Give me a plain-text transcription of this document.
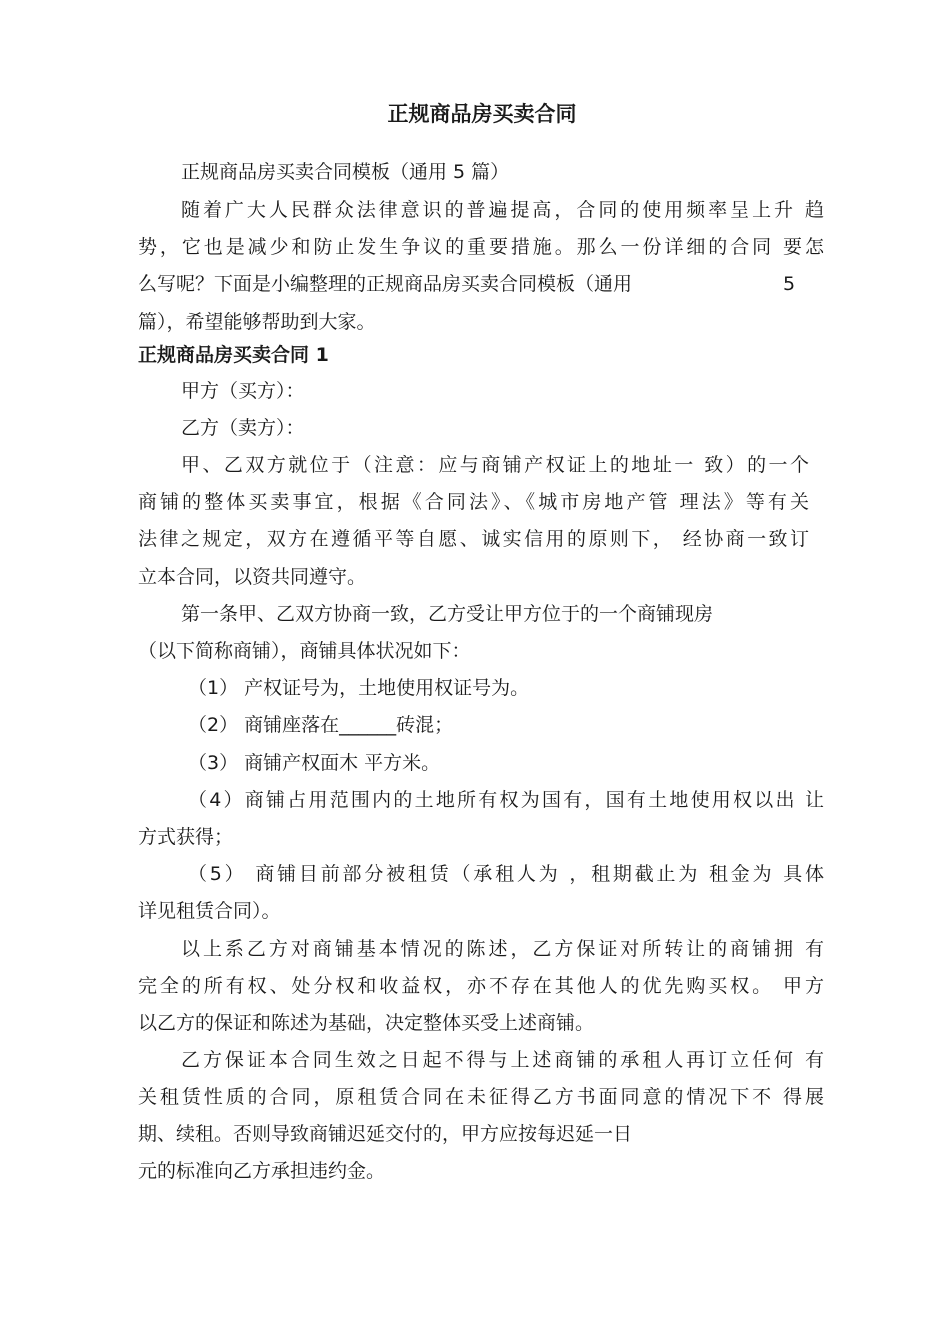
正规商品房买卖合同

正规商品房买卖合同模板（通用 5 篇）

随着广大人民群众法律意识的普遍提高，合同的使用频率呈上升 趋

势，它也是减少和防止发生争议的重要措施。那么一份详细的合同 要怎

么写呢？下面是小编整理的正规商品房买卖合同模板（通用	5

篇），希望能够帮助到大家。

正规商品房买卖合同 1

甲方（买方）：

乙方（卖方）：

甲、乙双方就位于（注意：应与商铺产权证上的地址一 致）的一个

商铺的整体买卖事宜，根据《合同法》、《城市房地产管 理法》等有关

法律之规定，双方在遵循平等自愿、诚实信用的原则下， 经协商一致订

立本合同，以资共同遵守。

第一条甲、乙双方协商一致，乙方受让甲方位于的一个商铺现房

（以下简称商铺），商铺具体状况如下：

（1） 产权证号为，土地使用权证号为。

（2） 商铺座落在______砖混；

（3） 商铺产权面木 平方米。

（4）商铺占用范围内的土地所有权为国有，国有土地使用权以出 让

方式获得；

（5） 商铺目前部分被租赁（承租人为 ，租期截止为 租金为 具体

详见租赁合同）。

以上系乙方对商铺基本情况的陈述，乙方保证对所转让的商铺拥 有

完全的所有权、处分权和收益权，亦不存在其他人的优先购买权。 甲方

以乙方的保证和陈述为基础，决定整体买受上述商铺。

乙方保证本合同生效之日起不得与上述商铺的承租人再订立任何 有

关租赁性质的合同，原租赁合同在未征得乙方书面同意的情况下不 得展

期、续租。否则导致商铺迟延交付的，甲方应按每迟延一日

元的标准向乙方承担违约金。
